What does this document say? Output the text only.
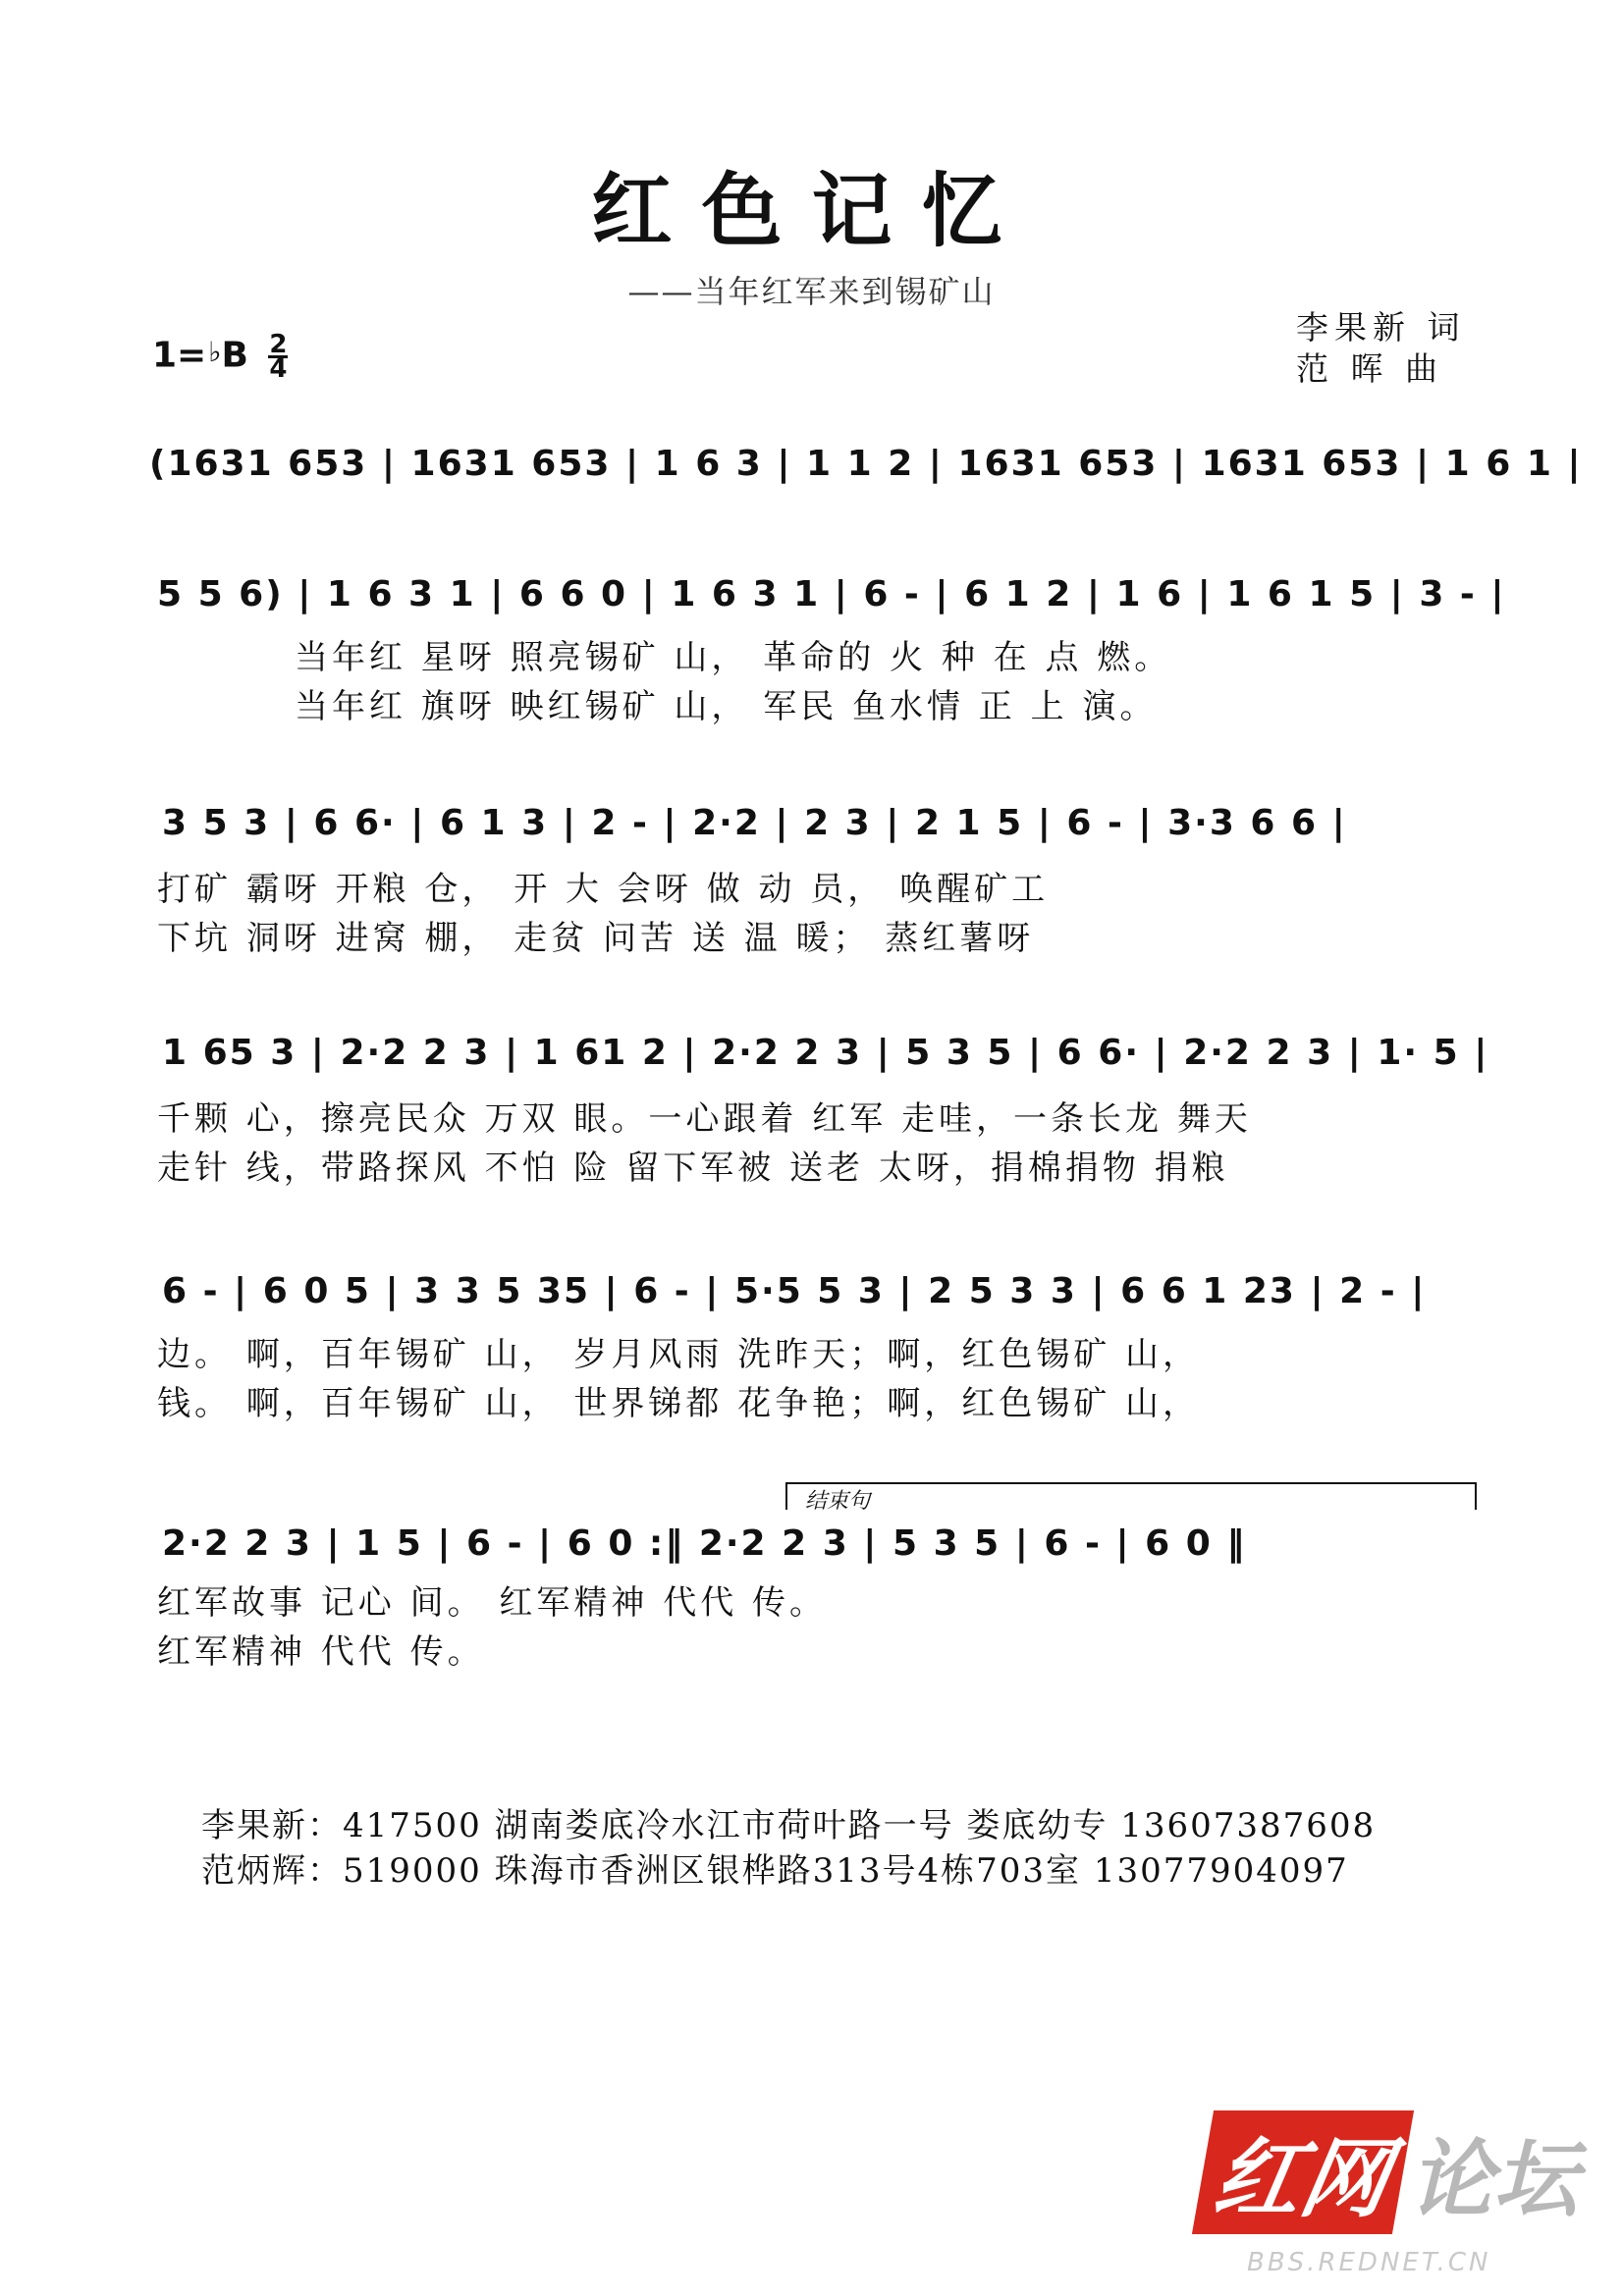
红色记忆
——当年红军来到锡矿山
李果新 词
范 晖 曲
1=♭B $\frac{2}{4}$
(1631 653 | 1631 653 | 1 6 3 | 1 1 2 | 1631 653 | 1631 653 | 1 6 1 |
5 5 6) | 1 6 3 1 | 6 6 0 | 1 6 3 1 | 6 - | 6 1 2 | 1 6 | 1 6 1 5 | 3 - |
当年红 星呀 照亮锡矿 山， 革命的 火 种 在 点 燃。
当年红 旗呀 映红锡矿 山， 军民 鱼水情 正 上 演。
3 5 3 | 6 6· | 6 1 3 | 2 - | 2·2 | 2 3 | 2 1 5 | 6 - | 3·3 6 6 |
打矿 霸呀 开粮 仓， 开 大 会呀 做 动 员， 唤醒矿工
下坑 洞呀 进窝 棚， 走贫 问苦 送 温 暖； 蒸红薯呀
1 65 3 | 2·2 2 3 | 1 61 2 | 2·2 2 3 | 5 3 5 | 6 6· | 2·2 2 3 | 1· 5 |
千颗 心，擦亮民众 万双 眼。一心跟着 红军 走哇，一条长龙 舞天
走针 线，带路探风 不怕 险 留下军被 送老 太呀，捐棉捐物 捐粮
6 - | 6 0 5 | 3 3 5 35 | 6 - | 5·5 5 3 | 2 5 3 3 | 6 6 1 23 | 2 - |
边。 啊，百年锡矿 山， 岁月风雨 洗昨天；啊，红色锡矿 山，
钱。 啊，百年锡矿 山， 世界锑都 花争艳；啊，红色锡矿 山，
结束句
2·2 2 3 | 1 5 | 6 - | 6 0 :‖ 2·2 2 3 | 5 3 5 | 6 - | 6 0 ‖
红军故事 记心 间。 红军精神 代代 传。
红军精神 代代 传。
李果新：417500 湖南娄底冷水江市荷叶路一号 娄底幼专 13607387608
范炳辉：519000 珠海市香洲区银桦路313号4栋703室 13077904097
红网 论坛
BBS.REDNET.CN
